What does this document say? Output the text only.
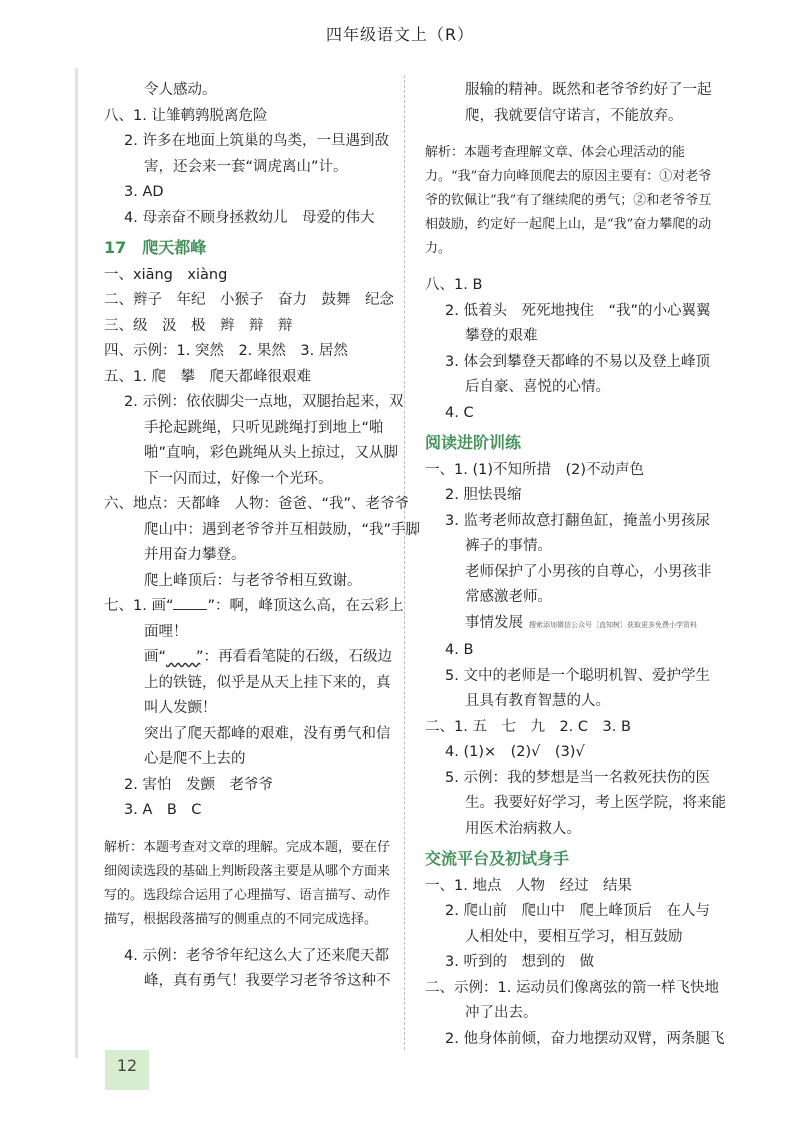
四年级语文上（R）
令人感动。
八、1. 让雏鹌鹑脱离危险
2. 许多在地面上筑巢的鸟类，一旦遇到敌
害，还会来一套“调虎离山”计。
3. AD
4. 母亲奋不顾身拯救幼儿　母爱的伟大
17　爬天都峰
一、xiāng　xiàng
二、辫子　年纪　小猴子　奋力　鼓舞　纪念
三、级　汲　极　辫　辩　辩
四、示例：1. 突然　2. 果然　3. 居然
五、1. 爬　攀　爬天都峰很艰难
2. 示例：依依脚尖一点地，双腿抬起来，双
手抡起跳绳，只听见跳绳打到地上“啪
啪”直响，彩色跳绳从头上掠过，又从脚
下一闪而过，好像一个光环。
六、地点：天都峰　人物：爸爸、“我”、老爷爷
爬山中：遇到老爷爷并互相鼓励，“我”手脚
并用奋力攀登。
爬上峰顶后：与老爷爷相互致谢。
七、1. 画“ ”：啊，峰顶这么高，在云彩上
面哩！
画“ ”：再看看笔陡的石级，石级边
上的铁链，似乎是从天上挂下来的，真
叫人发颤！
突出了爬天都峰的艰难，没有勇气和信
心是爬不上去的
2. 害怕　发颤　老爷爷
3. A　B　C
解析：本题考查对文章的理解。完成本题，要在仔细阅读选段的基础上判断段落主要是从哪个方面来写的。选段综合运用了心理描写、语言描写、动作描写，根据段落描写的侧重点的不同完成选择。
4. 示例：老爷爷年纪这么大了还来爬天都
峰，真有勇气！我要学习老爷爷这种不
服输的精神。既然和老爷爷约好了一起
爬，我就要信守诺言，不能放弃。
解析：本题考查理解文章、体会心理活动的能力。“我”奋力向峰顶爬去的原因主要有：①对老爷爷的钦佩让“我”有了继续爬的勇气；②和老爷爷互相鼓励，约定好一起爬上山，是“我”奋力攀爬的动力。
八、1. B
2. 低着头　死死地拽住　“我”的小心翼翼
攀登的艰难
3. 体会到攀登天都峰的不易以及登上峰顶
后自豪、喜悦的心情。
4. C
阅读进阶训练
一、1. (1)不知所措　(2)不动声色
2. 胆怯畏缩
3. 监考老师故意打翻鱼缸，掩盖小男孩尿
裤子的事情。
老师保护了小男孩的自尊心，小男孩非
常感激老师。
事情发展 搜索添加微信公众号［直知树］获取更多免费小学资料
4. B
5. 文中的老师是一个聪明机智、爱护学生
且具有教育智慧的人。
二、1. 五　七　九　2. C　3. B
4. (1)×　(2)√　(3)√
5. 示例：我的梦想是当一名救死扶伤的医
生。我要好好学习，考上医学院，将来能
用医术治病救人。
交流平台及初试身手
一、1. 地点　人物　经过　结果
2. 爬山前　爬山中　爬上峰顶后　在人与
人相处中，要相互学习，相互鼓励
3. 听到的　想到的　做
二、示例：1. 运动员们像离弦的箭一样飞快地
冲了出去。
2. 他身体前倾，奋力地摆动双臂，两条腿飞
12
